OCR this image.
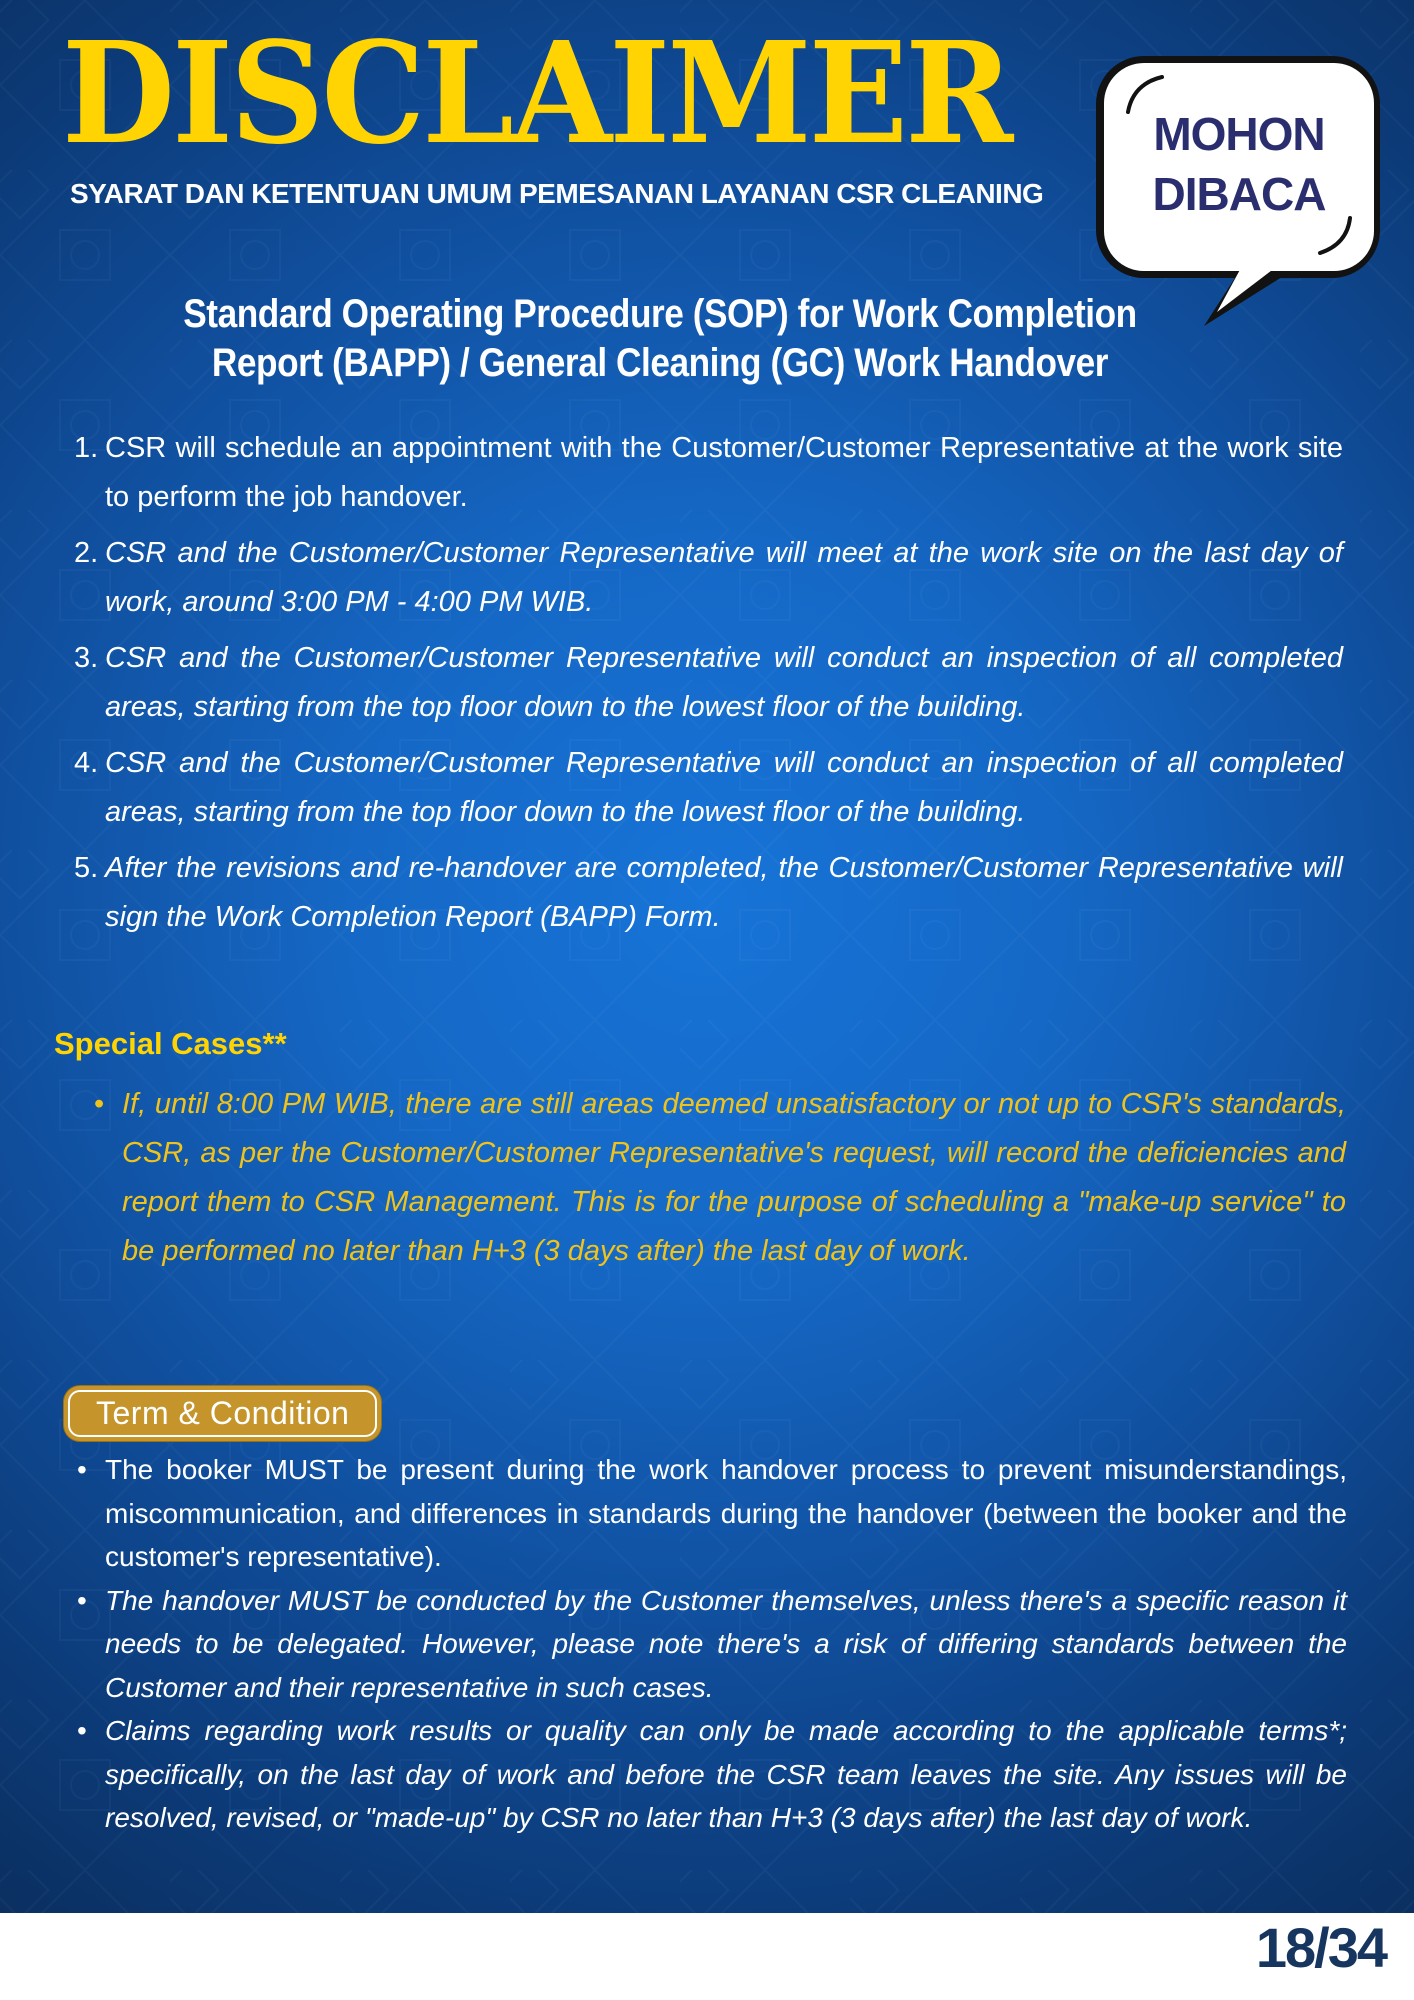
DISCLAIMER
SYARAT DAN KETENTUAN UMUM PEMESANAN LAYANAN CSR CLEANING
MOHON
DIBACA
Standard Operating Procedure (SOP) for Work Completion
Report (BAPP) / General Cleaning (GC) Work Handover
1. CSR will schedule an appointment with the Customer/Customer Representative at the work site to perform the job handover.
2. CSR and the Customer/Customer Representative will meet at the work site on the last day of work, around 3:00 PM - 4:00 PM WIB.
3. CSR and the Customer/Customer Representative will conduct an inspection of all completed areas, starting from the top floor down to the lowest floor of the building.
4. CSR and the Customer/Customer Representative will conduct an inspection of all completed areas, starting from the top floor down to the lowest floor of the building.
5. After the revisions and re-handover are completed, the Customer/Customer Representative will sign the Work Completion Report (BAPP) Form.
Special Cases**
• If, until 8:00 PM WIB, there are still areas deemed unsatisfactory or not up to CSR's standards, CSR, as per the Customer/Customer Representative's request, will record the deficiencies and report them to CSR Management. This is for the purpose of scheduling a "make-up service" to be performed no later than H+3 (3 days after) the last day of work.
Term & Condition
• The booker MUST be present during the work handover process to prevent misunderstandings, miscommunication, and differences in standards during the handover (between the booker and the customer's representative).
• The handover MUST be conducted by the Customer themselves, unless there's a specific reason it needs to be delegated. However, please note there's a risk of differing standards between the Customer and their representative in such cases.
• Claims regarding work results or quality can only be made according to the applicable terms*; specifically, on the last day of work and before the CSR team leaves the site. Any issues will be resolved, revised, or "made-up" by CSR no later than H+3 (3 days after) the last day of work.
18/34
